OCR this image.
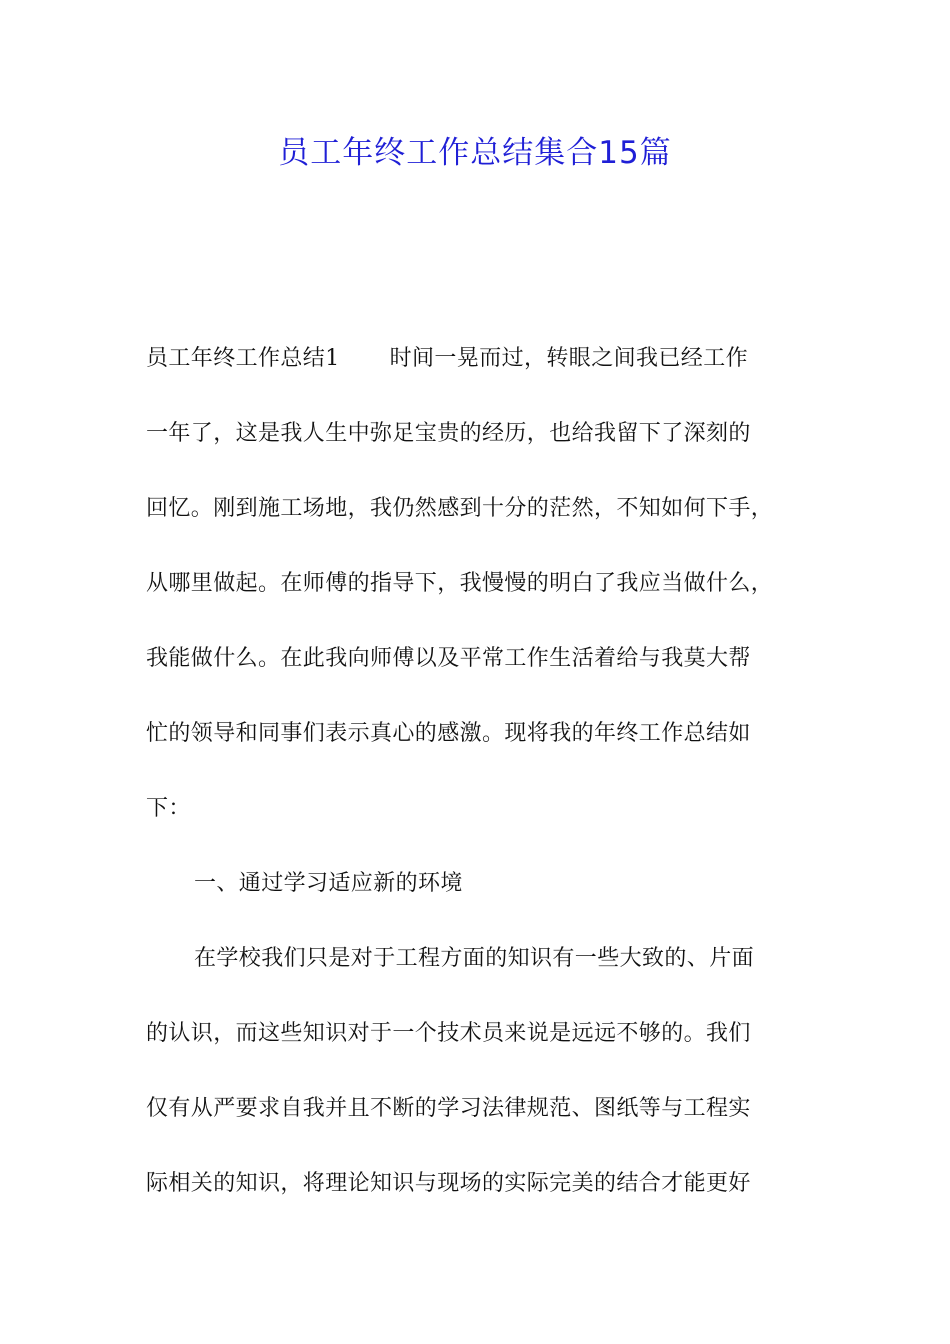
员工年终工作总结集合15篇
员工年终工作总结1 时间一晃而过，转眼之间我已经工作
一年了，这是我人生中弥足宝贵的经历，也给我留下了深刻的
回忆。刚到施工场地，我仍然感到十分的茫然，不知如何下手，
从哪里做起。在师傅的指导下，我慢慢的明白了我应当做什么，
我能做什么。在此我向师傅以及平常工作生活着给与我莫大帮
忙的领导和同事们表示真心的感激。现将我的年终工作总结如
下：
一、通过学习适应新的环境
在学校我们只是对于工程方面的知识有一些大致的、片面
的认识，而这些知识对于一个技术员来说是远远不够的。我们
仅有从严要求自我并且不断的学习法律规范、图纸等与工程实
际相关的知识，将理论知识与现场的实际完美的结合才能更好
